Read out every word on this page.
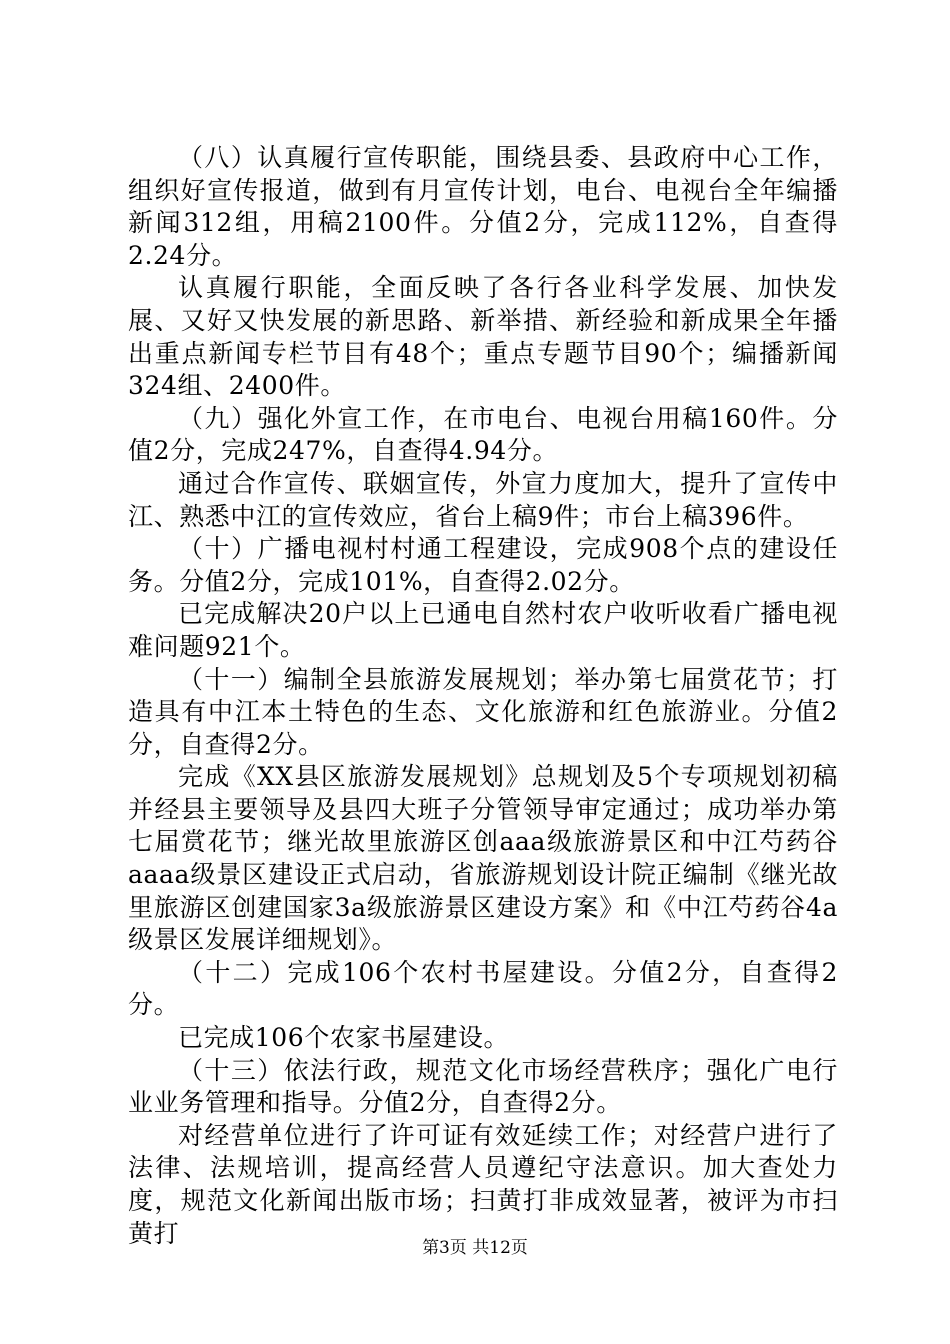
（八）认真履行宣传职能，围绕县委、县政府中心工作，组织好宣传报道，做到有月宣传计划，电台、电视台全年编播新闻312组，用稿2100件。分值2分，完成112%，自查得2.24分。

认真履行职能，全面反映了各行各业科学发展、加快发展、又好又快发展的新思路、新举措、新经验和新成果全年播出重点新闻专栏节目有48个；重点专题节目90个；编播新闻324组、2400件。

（九）强化外宣工作，在市电台、电视台用稿160件。分值2分，完成247%，自查得4.94分。

通过合作宣传、联姻宣传，外宣力度加大，提升了宣传中江、熟悉中江的宣传效应，省台上稿9件；市台上稿396件。

（十）广播电视村村通工程建设，完成908个点的建设任务。分值2分，完成101%，自查得2.02分。

已完成解决20户以上已通电自然村农户收听收看广播电视难问题921个。

（十一）编制全县旅游发展规划；举办第七届赏花节；打造具有中江本土特色的生态、文化旅游和红色旅游业。分值2分，自查得2分。

完成《XX县区旅游发展规划》总规划及5个专项规划初稿并经县主要领导及县四大班子分管领导审定通过；成功举办第七届赏花节；继光故里旅游区创aaa级旅游景区和中江芍药谷aaaa级景区建设正式启动，省旅游规划设计院正编制《继光故里旅游区创建国家3a级旅游景区建设方案》和《中江芍药谷4a级景区发展详细规划》。

（十二）完成106个农村书屋建设。分值2分，自查得2分。

已完成106个农家书屋建设。

（十三）依法行政，规范文化市场经营秩序；强化广电行业业务管理和指导。分值2分，自查得2分。

对经营单位进行了许可证有效延续工作；对经营户进行了法律、法规培训，提高经营人员遵纪守法意识。加大查处力度，规范文化新闻出版市场；扫黄打非成效显著，被评为市扫黄打

第3页 共12页
